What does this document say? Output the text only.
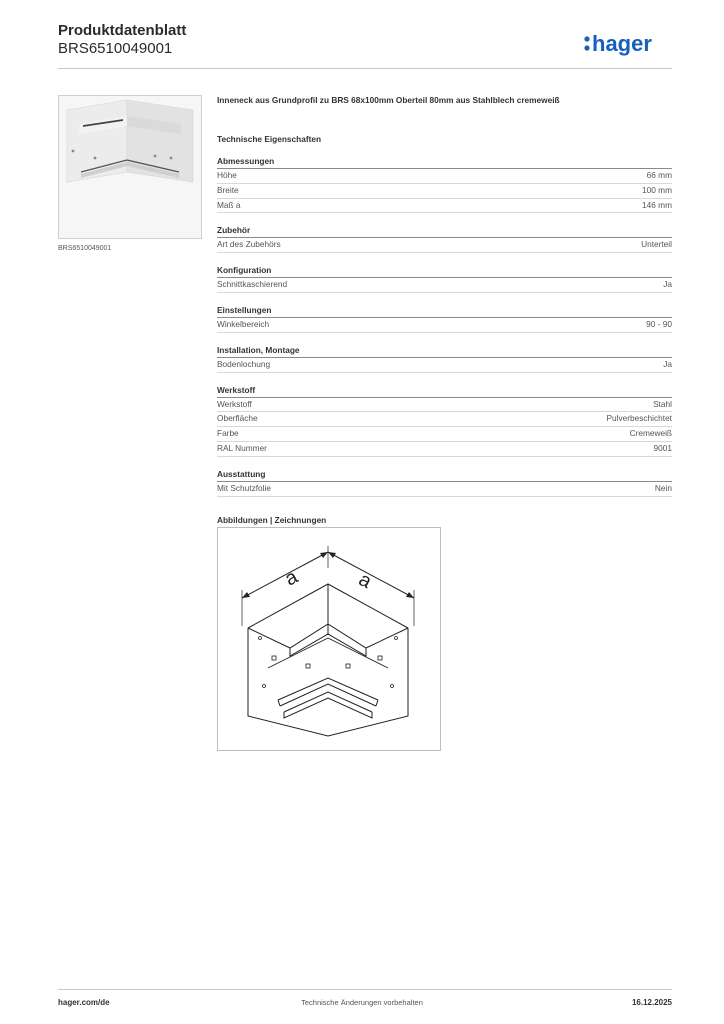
Produktdatenblatt
BRS6510049001	hager
BRS6510049001
Inneneck aus Grundprofil zu BRS 68x100mm Oberteil 80mm aus Stahlblech cremeweiß
Technische Eigenschaften
Abmessungen
Höhe	66 mm
Breite	100 mm
Maß a	146 mm
Zubehör
Art des Zubehörs	Unterteil
Konfiguration
Schnittkaschierend	Ja
Einstellungen
Winkelbereich	90 - 90
Installation, Montage
Bodenlochung	Ja
Werkstoff
Werkstoff	Stahl
Oberfläche	Pulverbeschichtet
Farbe	Cremeweiß
RAL Nummer	9001
Ausstattung
Mit Schutzfolie	Nein
Abbildungen | Zeichnungen
a	a
hager.com/de	Technische Änderungen vorbehalten	16.12.2025
